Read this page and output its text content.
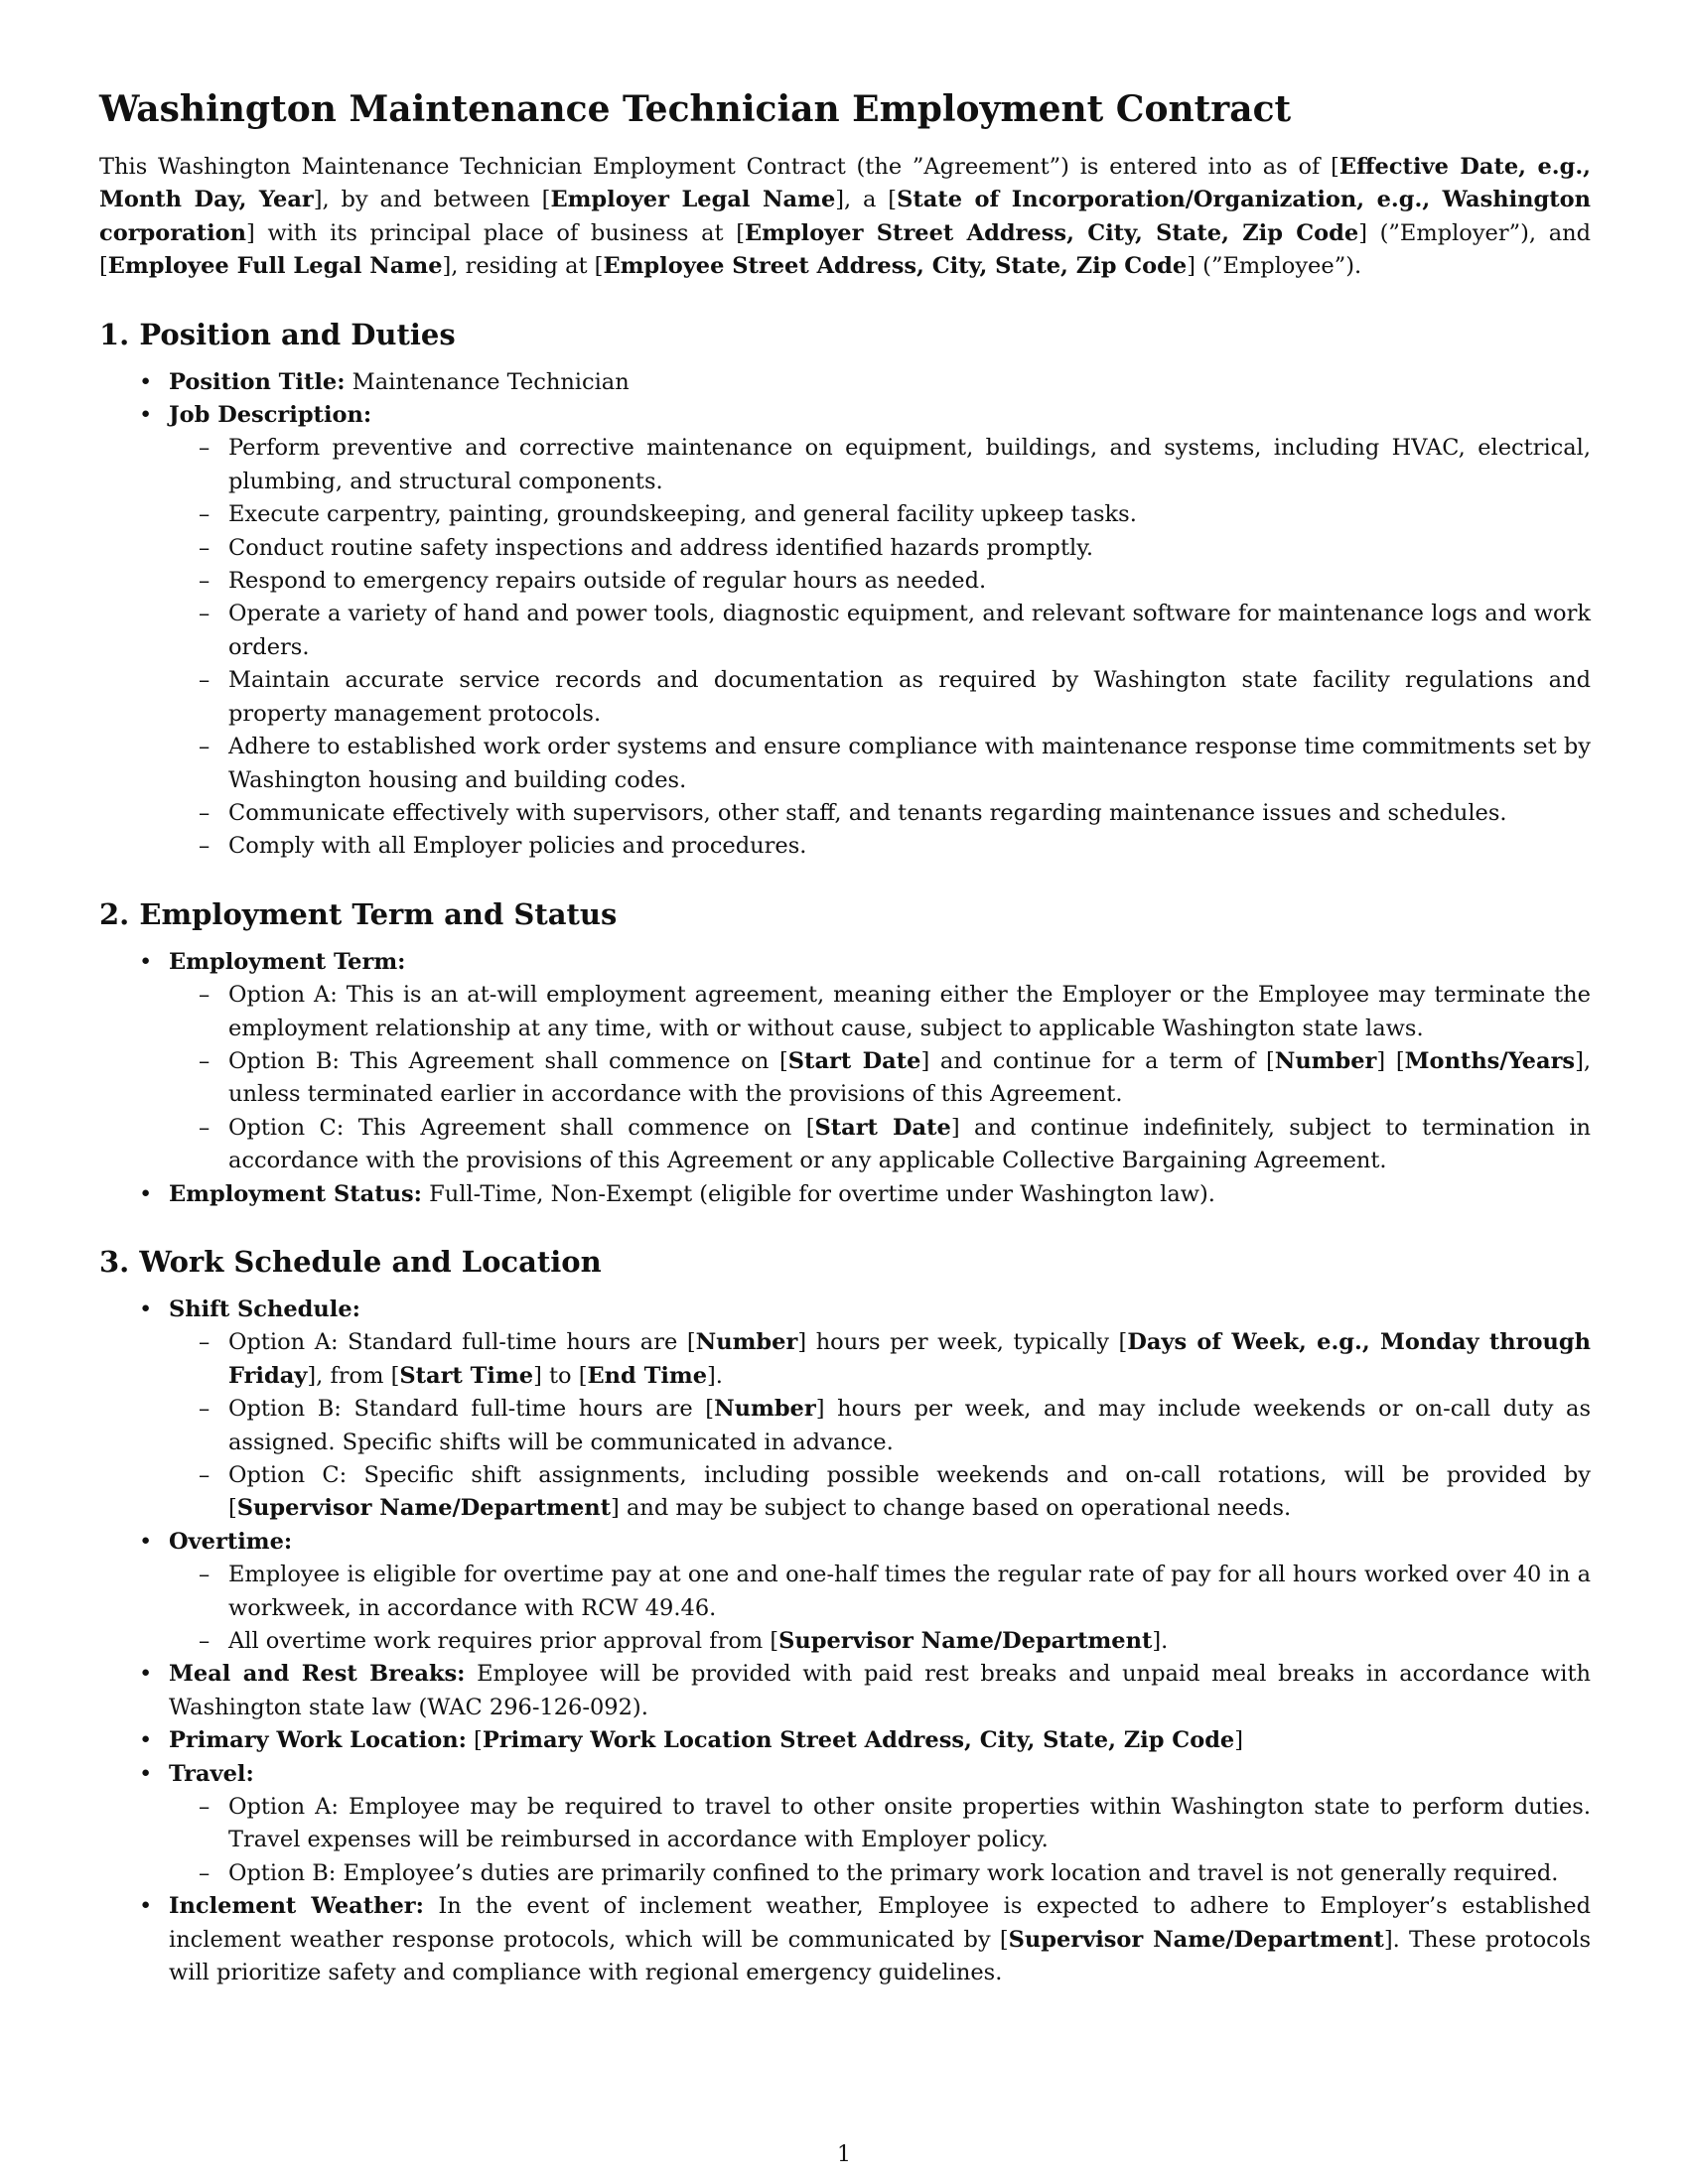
Washington Maintenance Technician Employment Contract

This Washington Maintenance Technician Employment Contract (the ”Agreement”) is entered into as of [Effective Date, e.g., Month Day, Year], by and between [Employer Legal Name], a [State of Incorporation/Organization, e.g., Washington corporation] with its principal place of business at [Employer Street Address, City, State, Zip Code] (”Employer”), and [Employee Full Legal Name], residing at [Employee Street Address, City, State, Zip Code] (”Employee”).

1. Position and Duties
• Position Title: Maintenance Technician
• Job Description:
– Perform preventive and corrective maintenance on equipment, buildings, and systems, including HVAC, electrical, plumbing, and structural components.
– Execute carpentry, painting, groundskeeping, and general facility upkeep tasks.
– Conduct routine safety inspections and address identified hazards promptly.
– Respond to emergency repairs outside of regular hours as needed.
– Operate a variety of hand and power tools, diagnostic equipment, and relevant software for maintenance logs and work orders.
– Maintain accurate service records and documentation as required by Washington state facility regulations and property management protocols.
– Adhere to established work order systems and ensure compliance with maintenance response time commitments set by Washington housing and building codes.
– Communicate effectively with supervisors, other staff, and tenants regarding maintenance issues and schedules.
– Comply with all Employer policies and procedures.
2. Employment Term and Status
• Employment Term:
– Option A: This is an at-will employment agreement, meaning either the Employer or the Employee may terminate the employment relationship at any time, with or without cause, subject to applicable Washington state laws.
– Option B: This Agreement shall commence on [Start Date] and continue for a term of [Number] [Months/Years], unless terminated earlier in accordance with the provisions of this Agreement.
– Option C: This Agreement shall commence on [Start Date] and continue indefinitely, subject to termination in accordance with the provisions of this Agreement or any applicable Collective Bargaining Agreement.
• Employment Status: Full-Time, Non-Exempt (eligible for overtime under Washington law).
3. Work Schedule and Location
• Shift Schedule:
– Option A: Standard full-time hours are [Number] hours per week, typically [Days of Week, e.g., Monday through Friday], from [Start Time] to [End Time].
– Option B: Standard full-time hours are [Number] hours per week, and may include weekends or on-call duty as assigned. Specific shifts will be communicated in advance.
– Option C: Specific shift assignments, including possible weekends and on-call rotations, will be provided by [Supervisor Name/Department] and may be subject to change based on operational needs.
• Overtime:
– Employee is eligible for overtime pay at one and one-half times the regular rate of pay for all hours worked over 40 in a workweek, in accordance with RCW 49.46.
– All overtime work requires prior approval from [Supervisor Name/Department].
• Meal and Rest Breaks: Employee will be provided with paid rest breaks and unpaid meal breaks in accordance with Washington state law (WAC 296-126-092).
• Primary Work Location: [Primary Work Location Street Address, City, State, Zip Code]
• Travel:
– Option A: Employee may be required to travel to other onsite properties within Washington state to perform duties. Travel expenses will be reimbursed in accordance with Employer policy.
– Option B: Employee’s duties are primarily confined to the primary work location and travel is not generally required.
• Inclement Weather: In the event of inclement weather, Employee is expected to adhere to Employer’s established inclement weather response protocols, which will be communicated by [Supervisor Name/Department]. These protocols will prioritize safety and compliance with regional emergency guidelines.
1
